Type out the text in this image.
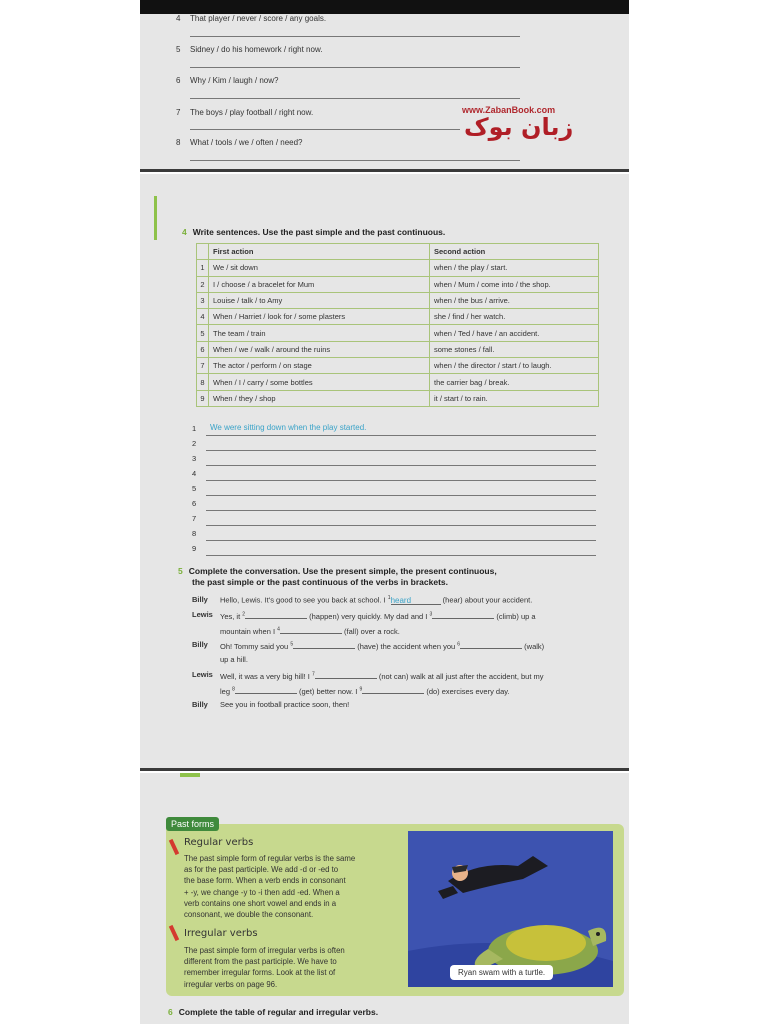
4 That player / never / score / any goals.
5 Sidney / do his homework / right now.
6 Why / Kim / laugh / now?
7 The boys / play football / right now.
8 What / tools / we / often / need?
www.ZabanBook.com
زبان بوک
4 Write sentences. Use the past simple and the past continuous.
	First action	Second action
1	We / sit down	when / the play / start.
2	I / choose / a bracelet for Mum	when / Mum / come into / the shop.
3	Louise / talk / to Amy	when / the bus / arrive.
4	When / Harriet / look for / some plasters	she / find / her watch.
5	The team / train	when / Ted / have / an accident.
6	When / we / walk / around the ruins	some stones / fall.
7	The actor / perform / on stage	when / the director / start / to laugh.
8	When / I / carry / some bottles	the carrier bag / break.
9	When / they / shop	it / start / to rain.
1 We were sitting down when the play started.
2
3
4
5
6
7
8
9
5 Complete the conversation. Use the present simple, the present continuous,
the past simple or the past continuous of the verbs in brackets.
Billy Hello, Lewis. It's good to see you back at school. I $^1$heard	(hear) about your accident.
Lewis Yes, it $^2$	(happen) very quickly. My dad and I $^3$	(climb) up a
mountain when I $^4$	(fall) over a rock.
Billy Oh! Tommy said you $^5$	(have) the accident when you $^6$	(walk)
up a hill.
Lewis Well, it was a very big hill! I $^7$	(not can) walk at all just after the accident, but my
leg $^8$	(get) better now. I $^9$	(do) exercises every day.
Billy See you in football practice soon, then!
Past forms
Regular verbs
The past simple form of regular verbs is the same
as for the past participle. We add -d or -ed to
the base form. When a verb ends in consonant
+ -y, we change -y to -i then add -ed. When a
verb contains one short vowel and ends in a
consonant, we double the consonant.
Irregular verbs
The past simple form of irregular verbs is often
different from the past participle. We have to
remember irregular forms. Look at the list of
irregular verbs on page 96.
Ryan swam with a turtle.
6 Complete the table of regular and irregular verbs.
